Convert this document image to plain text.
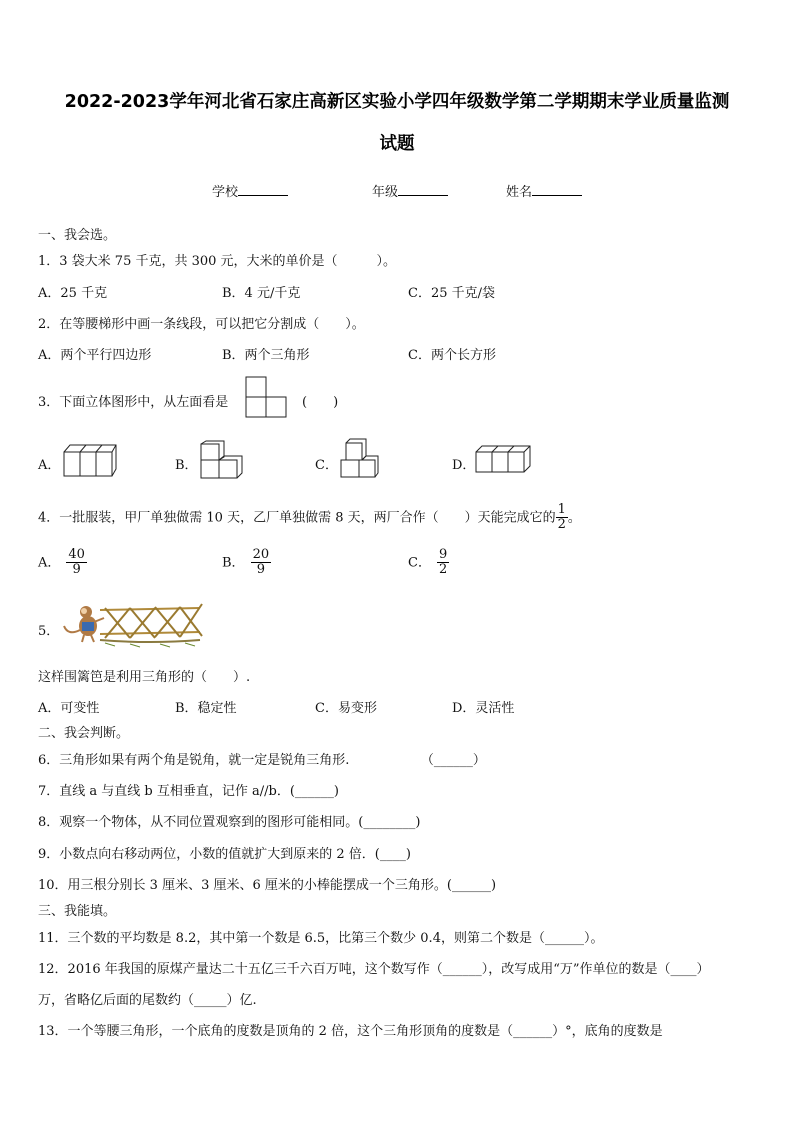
2022-2023学年河北省石家庄高新区实验小学四年级数学第二学期期末学业质量监测
试题
学校	年级	姓名
一、我会选。
1．3 袋大米 75 千克，共 300 元，大米的单价是（　　　）。
A．25 千克	B．4 元/千克	C．25 千克/袋
2．在等腰梯形中画一条线段，可以把它分割成（　　）。
A．两个平行四边形	B．两个三角形	C．两个长方形
3．下面立体图形中，从左面看是	(　　)
A．	B．	C．	D．
4．一批服装，甲厂单独做需 10 天，乙厂单独做需 8 天，两厂合作（　　）天能完成它的 $\frac{1}{2}$ 。
A． $\frac{40}{9}$	B． $\frac{20}{9}$	C． $\frac{9}{2}$
5．
这样围篱笆是利用三角形的（　　）.
A．可变性	B．稳定性	C．易变形	D．灵活性
二、我会判断。
6．三角形如果有两个角是锐角，就一定是锐角三角形.　　　　　　（______）
7．直线 a 与直线 b 互相垂直，记作 a//b．(______)
8．观察一个物体，从不同位置观察到的图形可能相同。(________)
9．小数点向右移动两位，小数的值就扩大到原来的 2 倍．(____)
10．用三根分别长 3 厘米、3 厘米、6 厘米的小棒能摆成一个三角形。(______)
三、我能填。
11．三个数的平均数是 8.2，其中第一个数是 6.5，比第三个数少 0.4，则第二个数是（______）。
12．2016 年我国的原煤产量达二十五亿三千六百万吨，这个数写作（______），改写成用“万”作单位的数是（____）
万，省略亿后面的尾数约（_____）亿.
13．一个等腰三角形，一个底角的度数是顶角的 2 倍，这个三角形顶角的度数是（______）°，底角的度数是
